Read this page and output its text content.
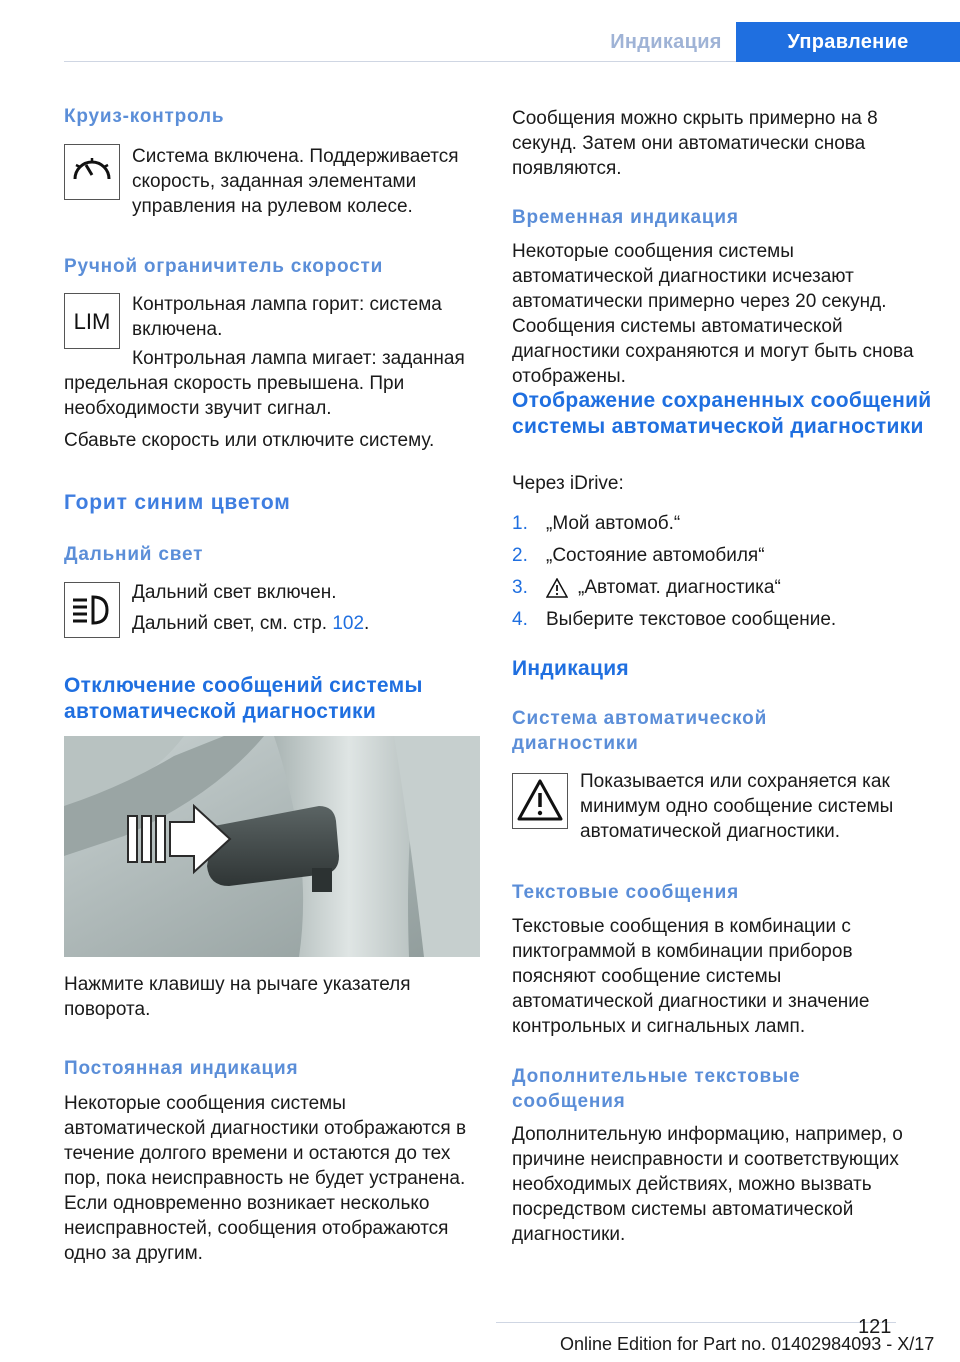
Индикация	Управление
Круиз-контроль
Система включена. Поддерживается скорость, заданная элементами управления на рулевом колесе.
Ручной ограничитель скорости
LIM
Контрольная лампа горит: система включена.
Контрольная лампа мигает: заданная предельная скорость превышена. При необходимости звучит сигнал.
Сбавьте скорость или отключите систему.
Горит синим цветом
Дальний свет
Дальний свет включен.
Дальний свет, см. стр. 102.
Отключение сообщений системы автоматической диагностики
Нажмите клавишу на рычаге указателя поворота.
Постоянная индикация
Некоторые сообщения системы автоматической диагностики отображаются в течение долгого времени и остаются до тех пор, пока неисправность не будет устранена. Если одновременно возникает несколько неисправностей, сообщения отображаются одно за другим.
Сообщения можно скрыть примерно на 8 секунд. Затем они автоматически снова появляются.
Временная индикация
Некоторые сообщения системы автоматической диагностики исчезают автоматически примерно через 20 секунд. Сообщения системы автоматической диагностики сохраняются и могут быть снова отображены.
Отображение сохраненных сообщений системы автоматической диагностики
Через iDrive:
1. „Мой автомоб.“
2. „Состояние автомобиля“
3.	„Автомат. диагностика“
4. Выберите текстовое сообщение.
Индикация
Система автоматической диагностики
Показывается или сохраняется как минимум одно сообщение системы автоматической диагностики.
Текстовые сообщения
Текстовые сообщения в комбинации с пиктограммой в комбинации приборов поясняют сообщение системы автоматической диагностики и значение контрольных и сигнальных ламп.
Дополнительные текстовые сообщения
Дополнительную информацию, например, о причине неисправности и соответствующих необходимых действиях, можно вызвать посредством системы автоматической диагностики.
121
Online Edition for Part no. 01402984093 - X/17
